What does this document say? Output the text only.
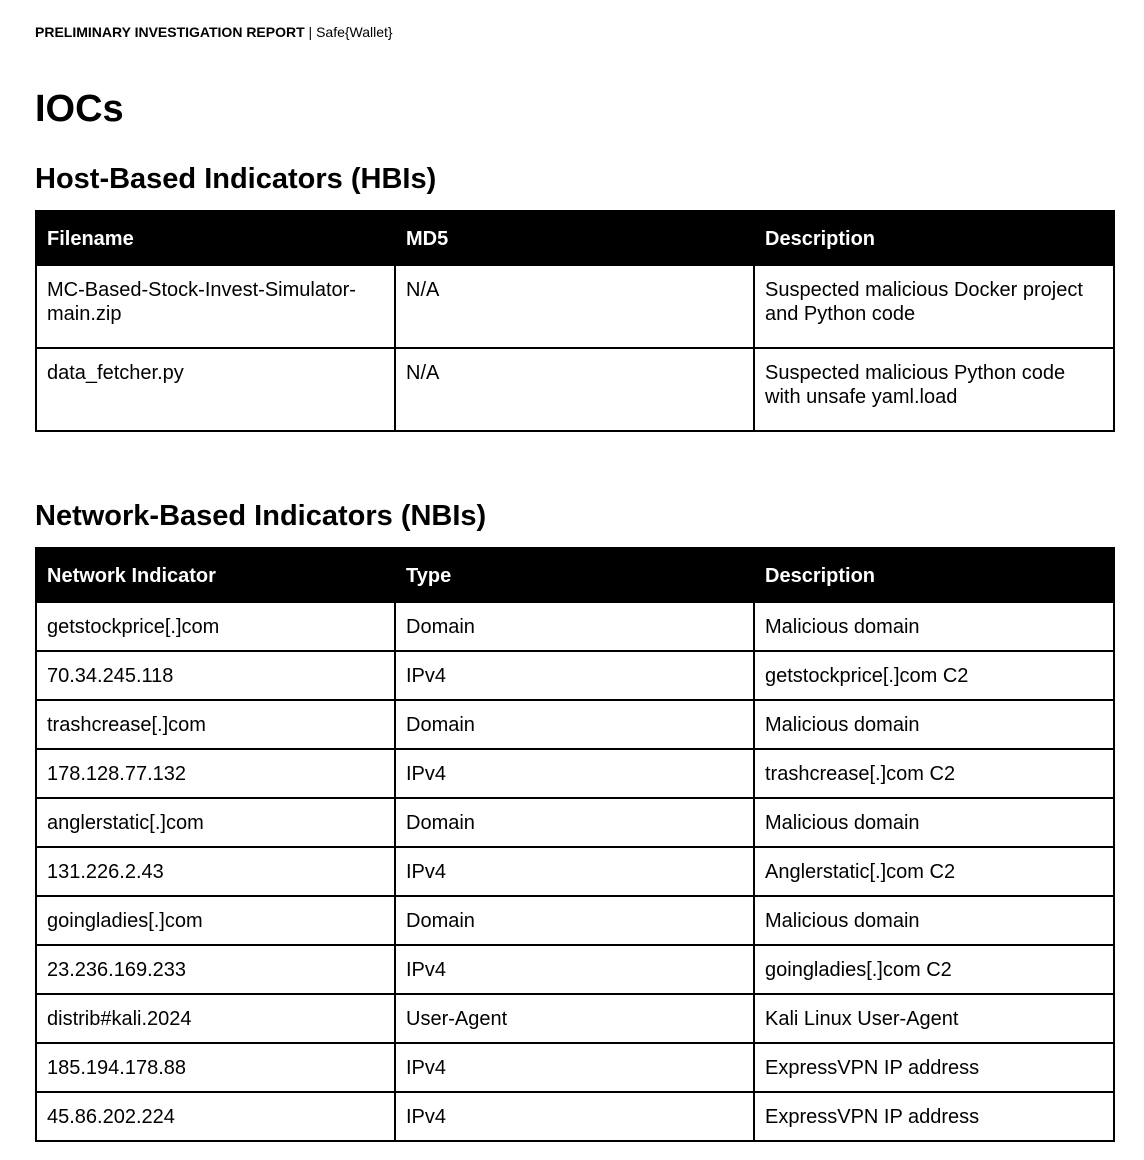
PRELIMINARY INVESTIGATION REPORT | Safe{Wallet}
IOCs
Host-Based Indicators (HBIs)
Filename	MD5	Description
MC-Based-Stock-Invest-Simulator-main.zip	N/A	Suspected malicious Docker project and Python code
data_fetcher.py	N/A	Suspected malicious Python code with unsafe yaml.load
Network-Based Indicators (NBIs)
Network Indicator	Type	Description
getstockprice[.]com	Domain	Malicious domain
70.34.245.118	IPv4	getstockprice[.]com C2
trashcrease[.]com	Domain	Malicious domain
178.128.77.132	IPv4	trashcrease[.]com C2
anglerstatic[.]com	Domain	Malicious domain
131.226.2.43	IPv4	Anglerstatic[.]com C2
goingladies[.]com	Domain	Malicious domain
23.236.169.233	IPv4	goingladies[.]com C2
distrib#kali.2024	User-Agent	Kali Linux User-Agent
185.194.178.88	IPv4	ExpressVPN IP address
45.86.202.224	IPv4	ExpressVPN IP address
